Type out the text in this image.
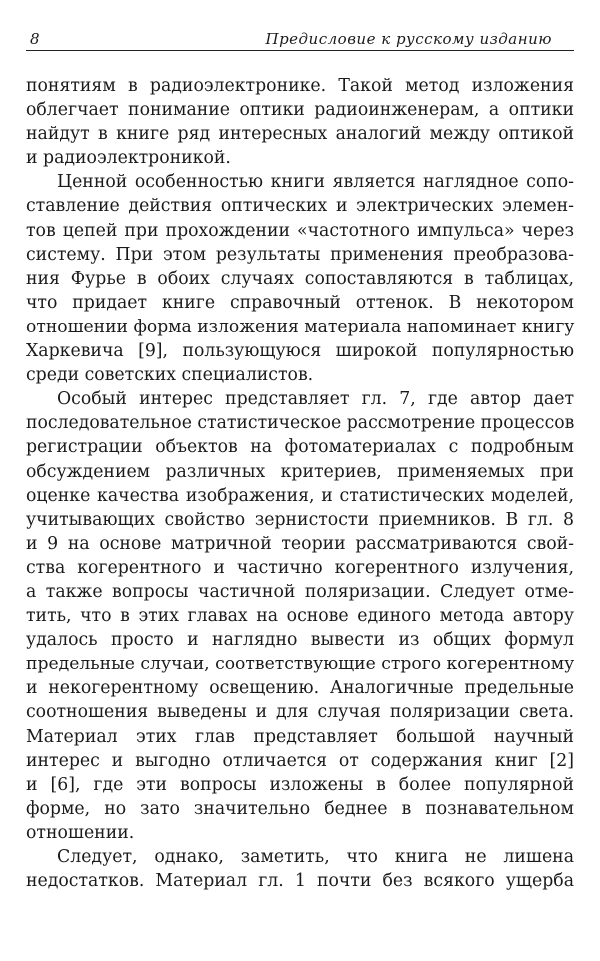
8	Предисловие к русскому изданию

понятиям в радиоэлектронике. Такой метод изложения
облегчает понимание оптики радиоинженерам, а оптики
найдут в книге ряд интересных аналогий между оптикой
и радиоэлектроникой.

Ценной особенностью книги является наглядное сопо-
ставление действия оптических и электрических элемен-
тов цепей при прохождении «частотного импульса» через
систему. При этом результаты применения преобразова-
ния Фурье в обоих случаях сопоставляются в таблицах,
что придает книге справочный оттенок. В некотором
отношении форма изложения материала напоминает книгу
Харкевича [9], пользующуюся широкой популярностью
среди советских специалистов.

Особый интерес представляет гл. 7, где автор дает
последовательное статистическое рассмотрение процессов
регистрации объектов на фотоматериалах с подробным
обсуждением различных критериев, применяемых при
оценке качества изображения, и статистических моделей,
учитывающих свойство зернистости приемников. В гл. 8
и 9 на основе матричной теории рассматриваются свой-
ства когерентного и частично когерентного излучения,
а также вопросы частичной поляризации. Следует отме-
тить, что в этих главах на основе единого метода автору
удалось просто и наглядно вывести из общих формул
предельные случаи, соответствующие строго когерентному
и некогерентному освещению. Аналогичные предельные
соотношения выведены и для случая поляризации света.
Материал этих глав представляет большой научный
интерес и выгодно отличается от содержания книг [2]
и [6], где эти вопросы изложены в более популярной
форме, но зато значительно беднее в познавательном
отношении.

Следует, однако, заметить, что книга не лишена
недостатков. Материал гл. 1 почти без всякого ущерба
